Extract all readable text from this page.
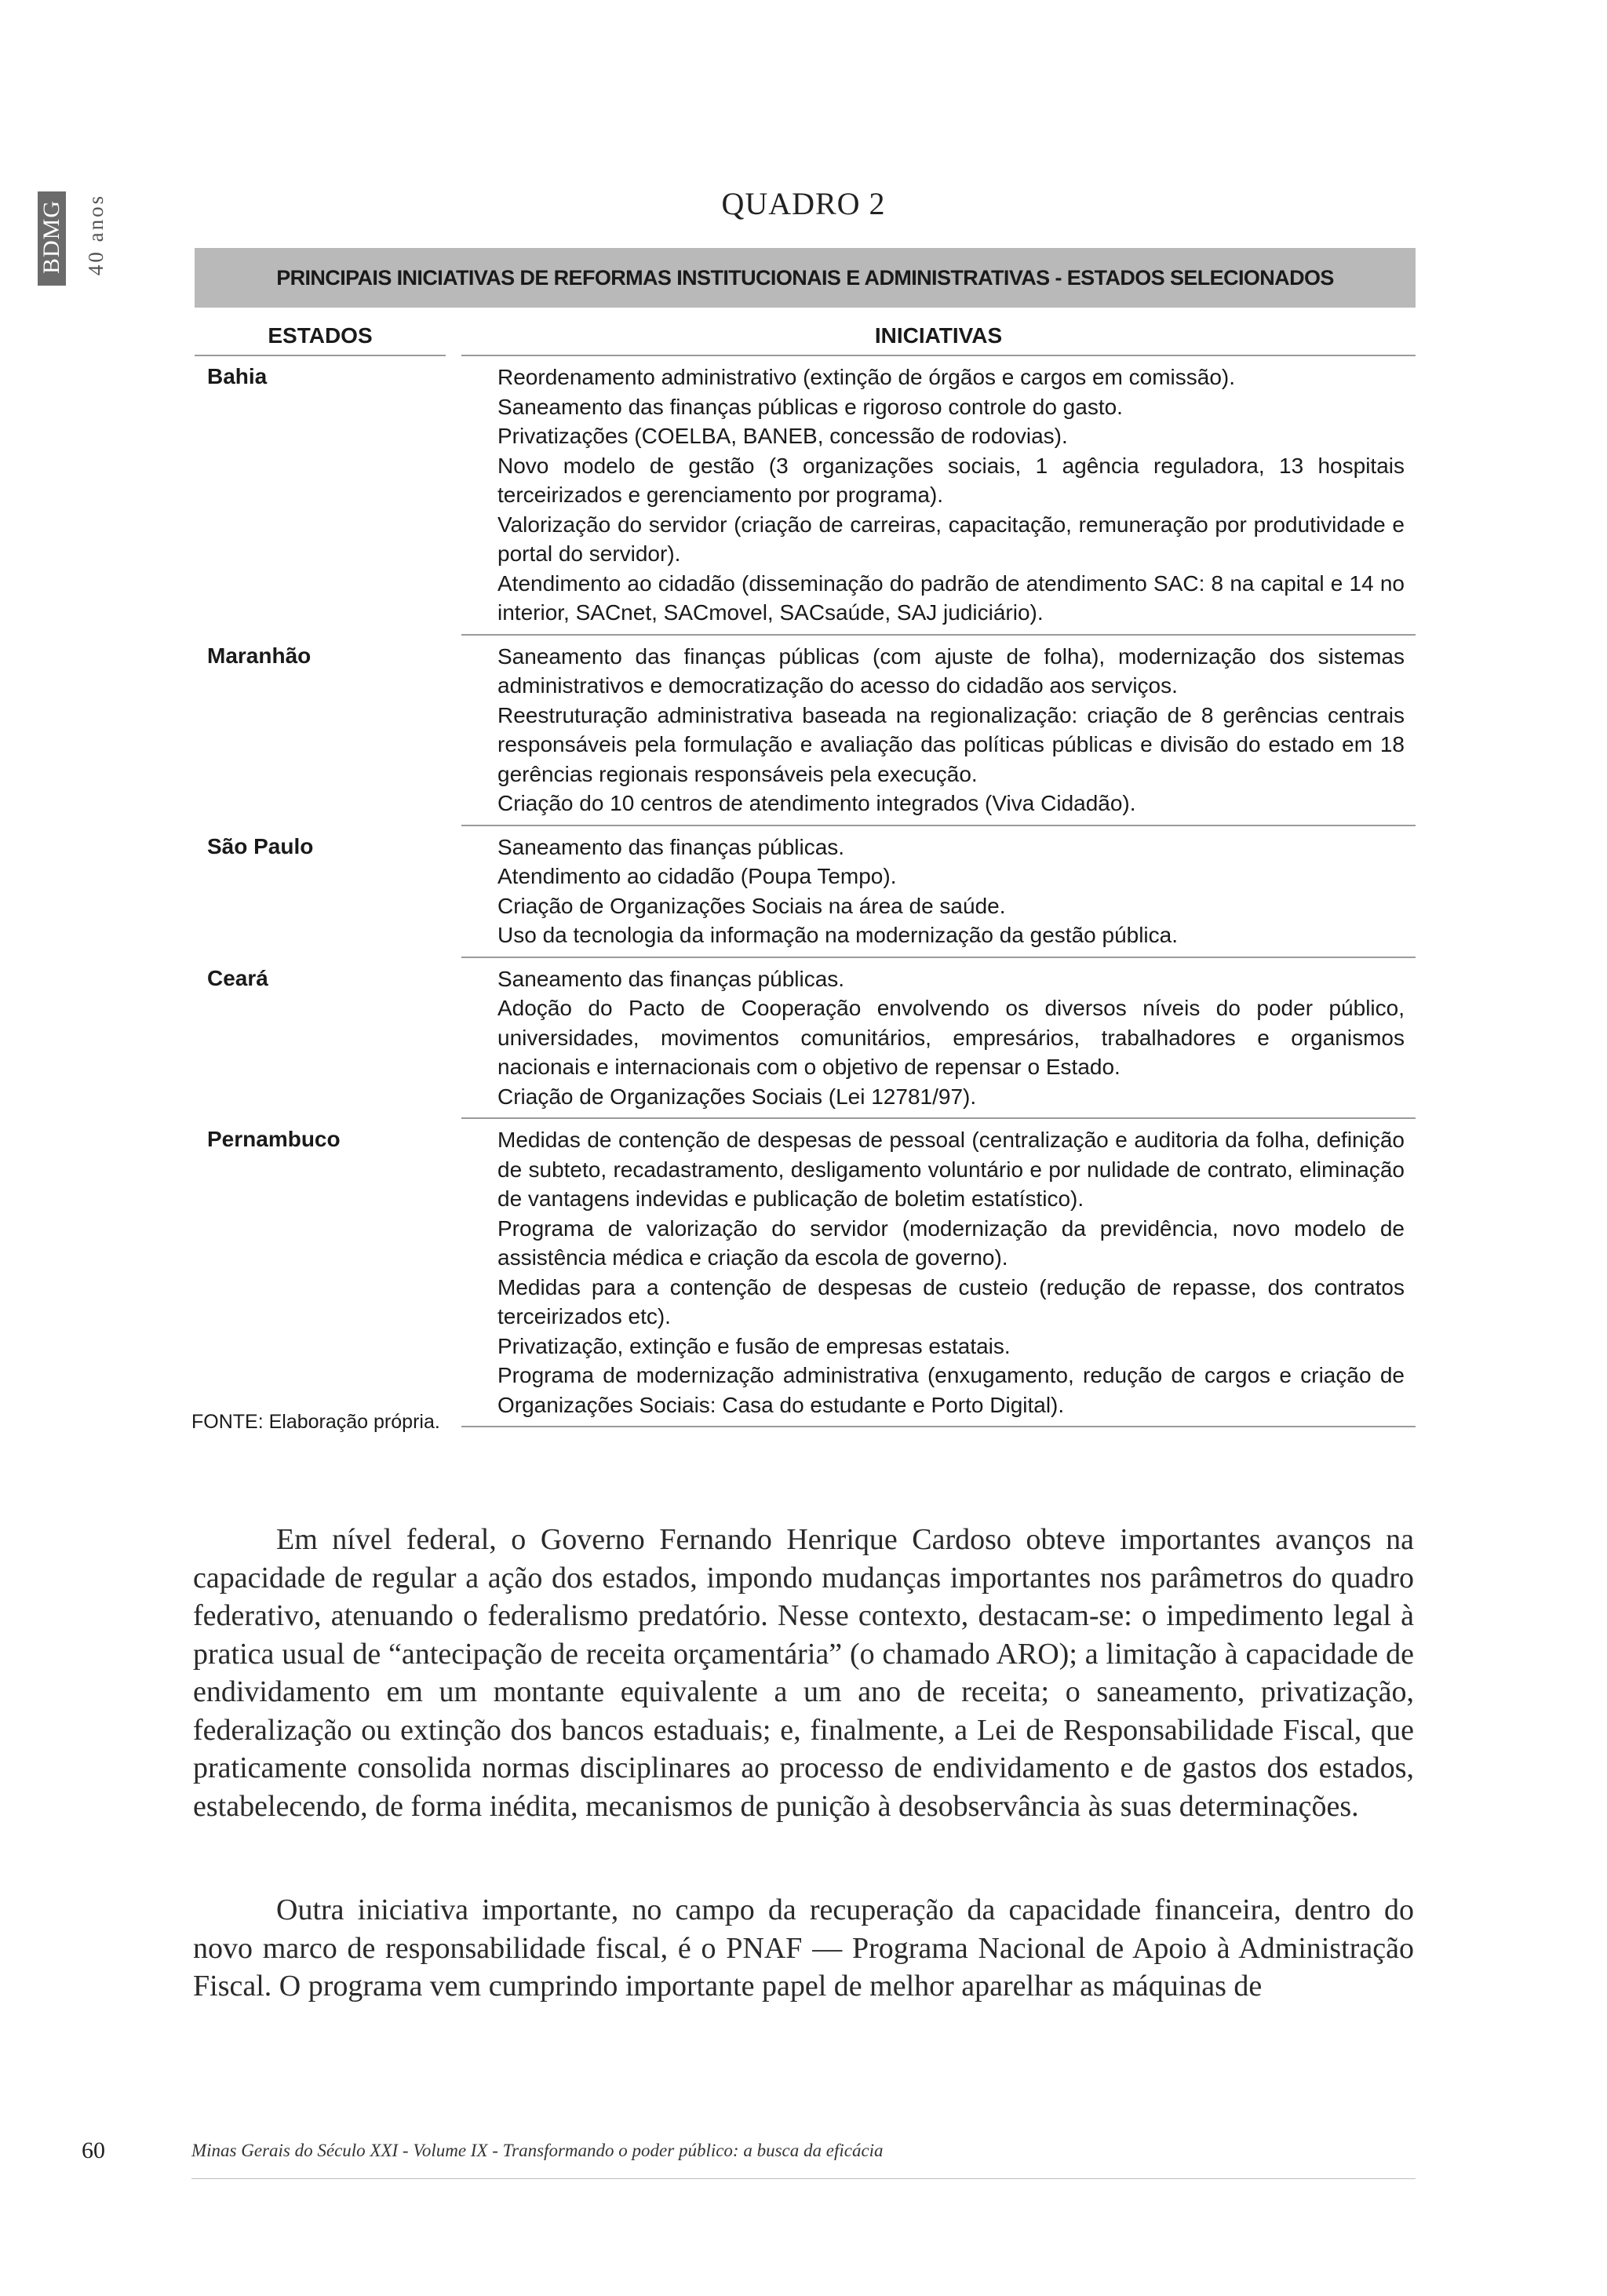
BDMG 40 anos	QUADRO 2
PRINCIPAIS INICIATIVAS DE REFORMAS INSTITUCIONAIS E ADMINISTRATIVAS - ESTADOS SELECIONADOS
ESTADOS	INICIATIVAS
Bahia	Reordenamento administrativo (extinção de órgãos e cargos em comissão).
Saneamento das finanças públicas e rigoroso controle do gasto.
Privatizações (COELBA, BANEB, concessão de rodovias).
Novo modelo de gestão (3 organizações sociais, 1 agência reguladora, 13 hospitais terceirizados e gerenciamento por programa).
Valorização do servidor (criação de carreiras, capacitação, remuneração por produtividade e portal do servidor).
Atendimento ao cidadão (disseminação do padrão de atendimento SAC: 8 na capital e 14 no interior, SACnet, SACmovel, SACsaúde, SAJ judiciário).
Maranhão	Saneamento das finanças públicas (com ajuste de folha), modernização dos sistemas administrativos e democratização do acesso do cidadão aos serviços.
Reestruturação administrativa baseada na regionalização: criação de 8 gerências centrais responsáveis pela formulação e avaliação das políticas públicas e divisão do estado em 18 gerências regionais responsáveis pela execução.
Criação do 10 centros de atendimento integrados (Viva Cidadão).
São Paulo	Saneamento das finanças públicas.
Atendimento ao cidadão (Poupa Tempo).
Criação de Organizações Sociais na área de saúde.
Uso da tecnologia da informação na modernização da gestão pública.
Ceará	Saneamento das finanças públicas.
Adoção do Pacto de Cooperação envolvendo os diversos níveis do poder público, universidades, movimentos comunitários, empresários, trabalhadores e organismos nacionais e internacionais com o objetivo de repensar o Estado.
Criação de Organizações Sociais (Lei 12781/97).
Pernambuco	Medidas de contenção de despesas de pessoal (centralização e auditoria da folha, definição de subteto, recadastramento, desligamento voluntário e por nulidade de contrato, eliminação de vantagens indevidas e publicação de boletim estatístico).
Programa de valorização do servidor (modernização da previdência, novo modelo de assistência médica e criação da escola de governo).
Medidas para a contenção de despesas de custeio (redução de repasse, dos contratos terceirizados etc).
Privatização, extinção e fusão de empresas estatais.
Programa de modernização administrativa (enxugamento, redução de cargos e criação de Organizações Sociais: Casa do estudante e Porto Digital).
FONTE: Elaboração própria.

Em nível federal, o Governo Fernando Henrique Cardoso obteve importantes avanços na capacidade de regular a ação dos estados, impondo mudanças importantes nos parâmetros do quadro federativo, atenuando o federalismo predatório. Nesse contexto, destacam-se: o impedimento legal à pratica usual de “antecipação de receita orçamentária” (o chamado ARO); a limitação à capacidade de endividamento em um montante equivalente a um ano de receita; o saneamento, privatização, federalização ou extinção dos bancos estaduais; e, finalmente, a Lei de Responsabilidade Fiscal, que praticamente consolida normas disciplinares ao processo de endividamento e de gastos dos estados, estabelecendo, de forma inédita, mecanismos de punição à desobservância às suas determinações.

Outra iniciativa importante, no campo da recuperação da capacidade financeira, dentro do novo marco de responsabilidade fiscal, é o PNAF — Programa Nacional de Apoio à Administração Fiscal. O programa vem cumprindo importante papel de melhor aparelhar as máquinas de

60	Minas Gerais do Século XXI - Volume IX - Transformando o poder público: a busca da eficácia
